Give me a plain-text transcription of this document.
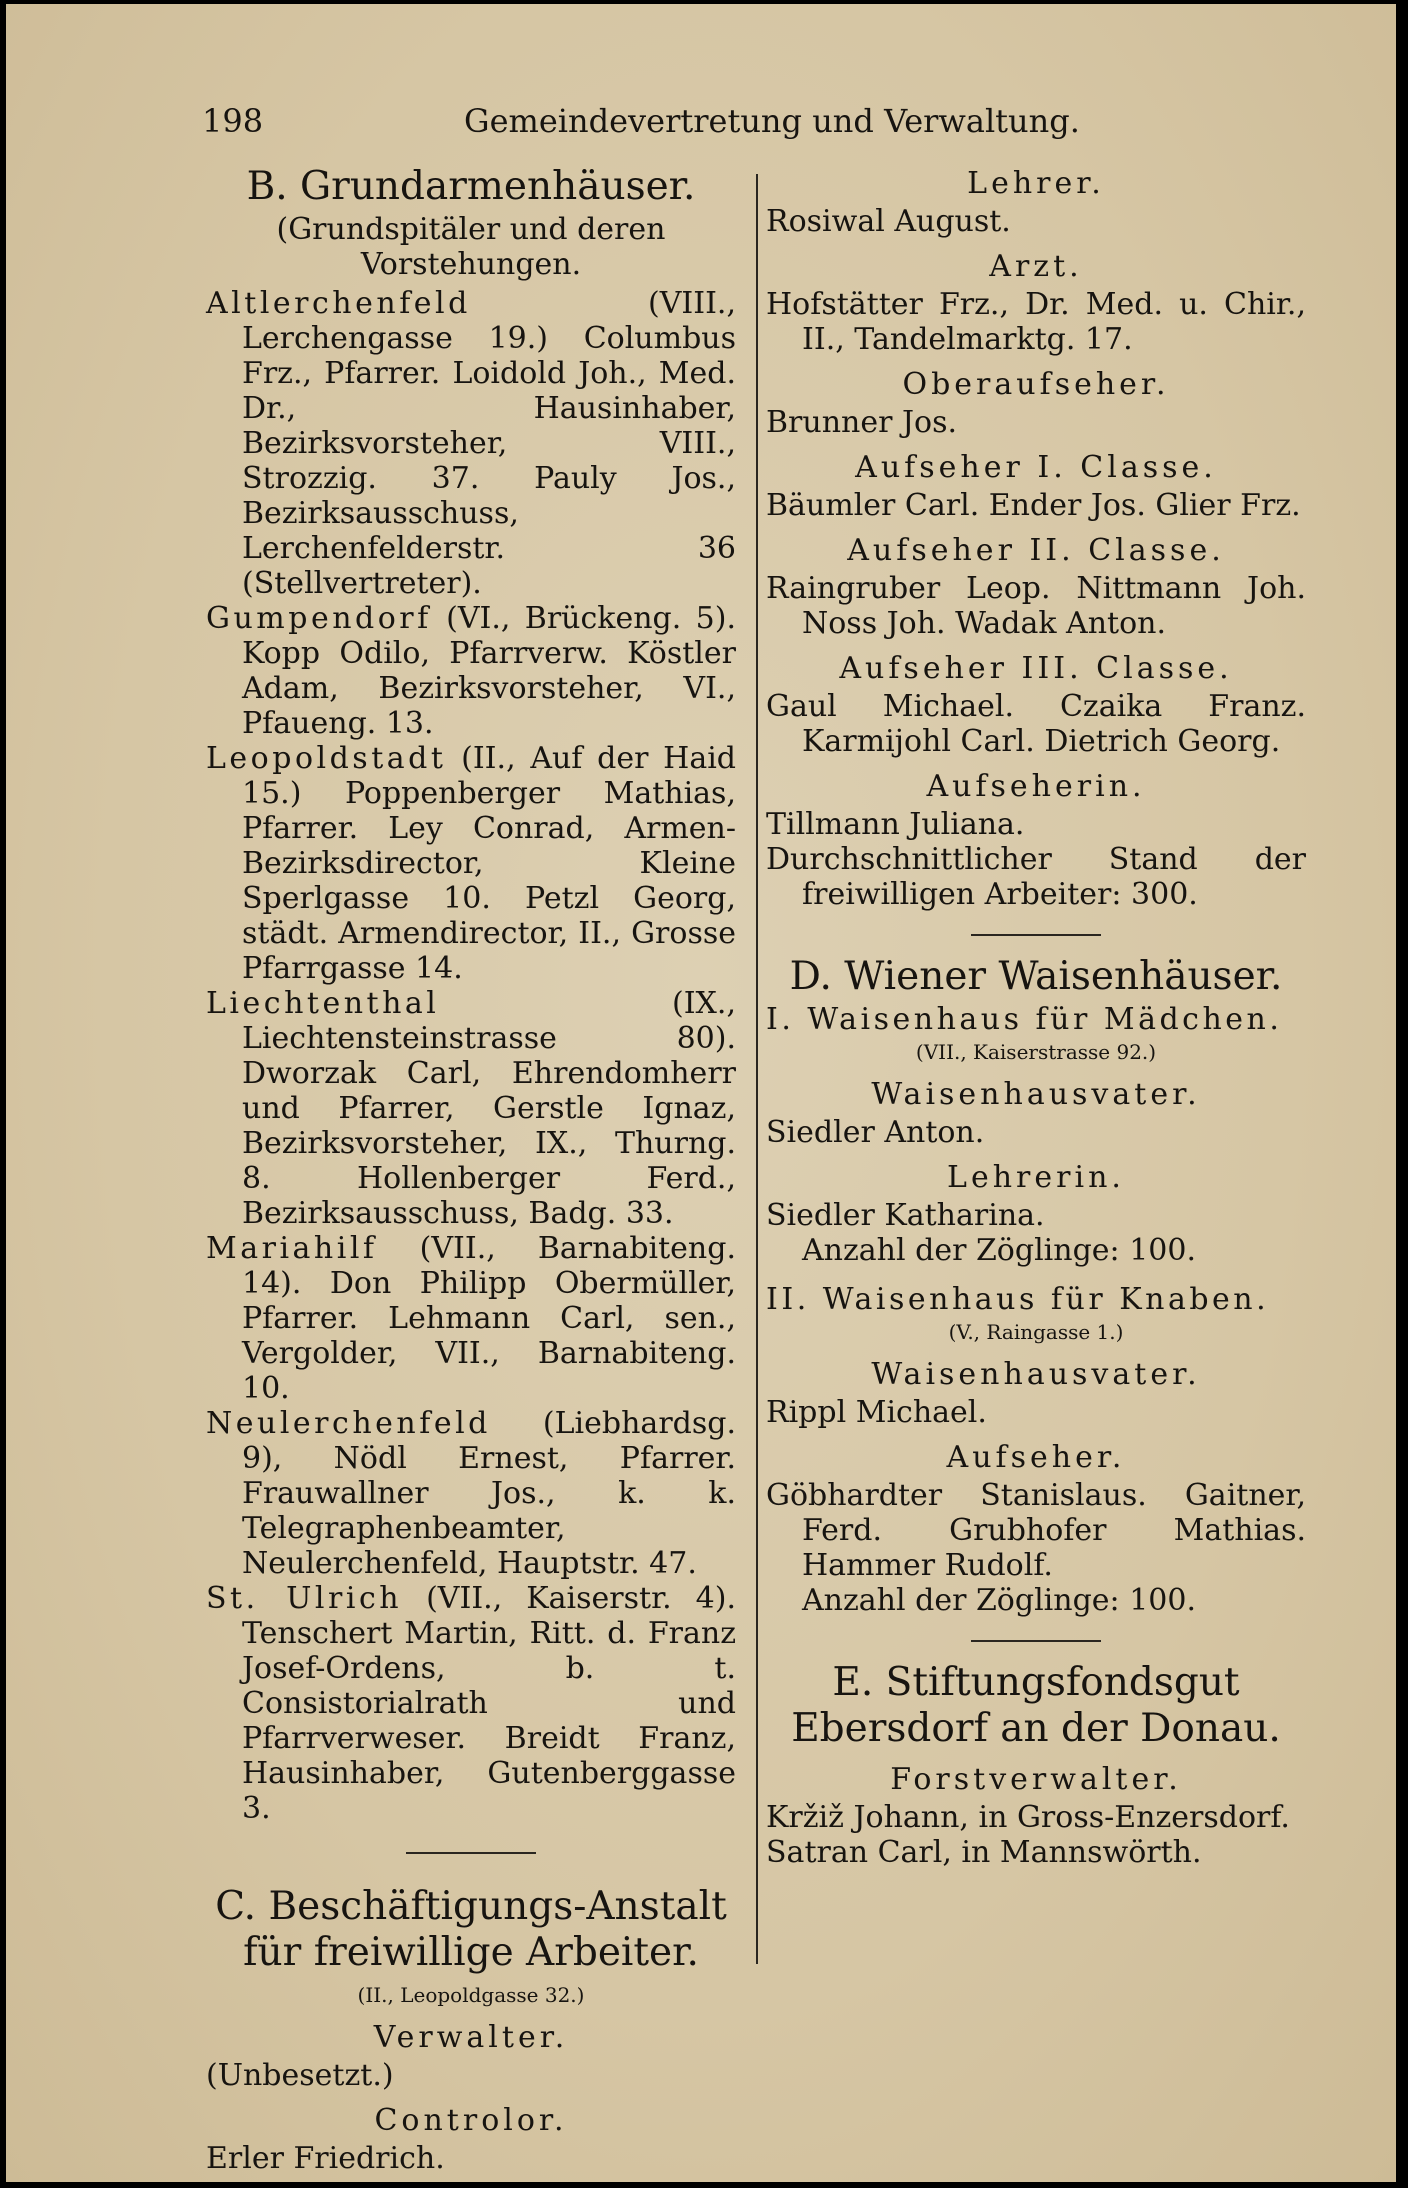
198	Gemeindevertretung und Verwaltung.
B. Grundarmenhäuser.
(Grundspitäler und deren Vorstehungen.

Altlerchenfeld (VIII., Lerchengasse 19.) Columbus Frz., Pfarrer. Loidold Joh., Med. Dr., Hausinhaber, Bezirksvorsteher, VIII., Strozzig. 37. Pauly Jos., Bezirksausschuss, Lerchenfelderstr. 36 (Stellvertreter).

Gumpendorf (VI., Brückeng. 5). Kopp Odilo, Pfarrverw. Köstler Adam, Bezirksvorsteher, VI., Pfaueng. 13.

Leopoldstadt (II., Auf der Haid 15.) Poppenberger Mathias, Pfarrer. Ley Conrad, Armen-Bezirksdirector, Kleine Sperlgasse 10. Petzl Georg, städt. Armendirector, II., Grosse Pfarrgasse 14.

Liechtenthal (IX., Liechtensteinstrasse 80). Dworzak Carl, Ehrendomherr und Pfarrer, Gerstle Ignaz, Bezirksvorsteher, IX., Thurng. 8. Hollenberger Ferd., Bezirksausschuss, Badg. 33.

Mariahilf (VII., Barnabiteng. 14). Don Philipp Obermüller, Pfarrer. Lehmann Carl, sen., Vergolder, VII., Barnabiteng. 10.

Neulerchenfeld (Liebhardsg. 9), Nödl Ernest, Pfarrer. Frauwallner Jos., k. k. Telegraphenbeamter, Neulerchenfeld, Hauptstr. 47.

St. Ulrich (VII., Kaiserstr. 4). Tenschert Martin, Ritt. d. Franz Josef-Ordens, b. t. Consistorialrath und Pfarrverweser. Breidt Franz, Hausinhaber, Gutenberggasse 3.

C. Beschäftigungs-Anstalt für freiwillige Arbeiter.
(II., Leopoldgasse 32.)
Verwalter.

(Unbesetzt.)

Controlor.

Erler Friedrich.

Lehrer.

Rosiwal August.

Arzt.

Hofstätter Frz., Dr. Med. u. Chir., II., Tandelmarktg. 17.

Oberaufseher.

Brunner Jos.

Aufseher I. Classe.

Bäumler Carl. Ender Jos. Glier Frz.

Aufseher II. Classe.

Raingruber Leop. Nittmann Joh. Noss Joh. Wadak Anton.

Aufseher III. Classe.

Gaul Michael. Czaika Franz. Karmijohl Carl. Dietrich Georg.

Aufseherin.

Tillmann Juliana.

Durchschnittlicher Stand der freiwilligen Arbeiter: 300.

D. Wiener Waisenhäuser.

I. Waisenhaus für Mädchen.

(VII., Kaiserstrasse 92.)
Waisenhausvater.

Siedler Anton.

Lehrerin.

Siedler Katharina.

Anzahl der Zöglinge: 100.

II. Waisenhaus für Knaben.

(V., Raingasse 1.)
Waisenhausvater.

Rippl Michael.

Aufseher.

Göbhardter Stanislaus. Gaitner, Ferd. Grubhofer Mathias. Hammer Rudolf.

Anzahl der Zöglinge: 100.

E. Stiftungsfondsgut Ebersdorf an der Donau.
Forstverwalter.

Kržiž Johann, in Gross-Enzersdorf.

Satran Carl, in Mannswörth.
